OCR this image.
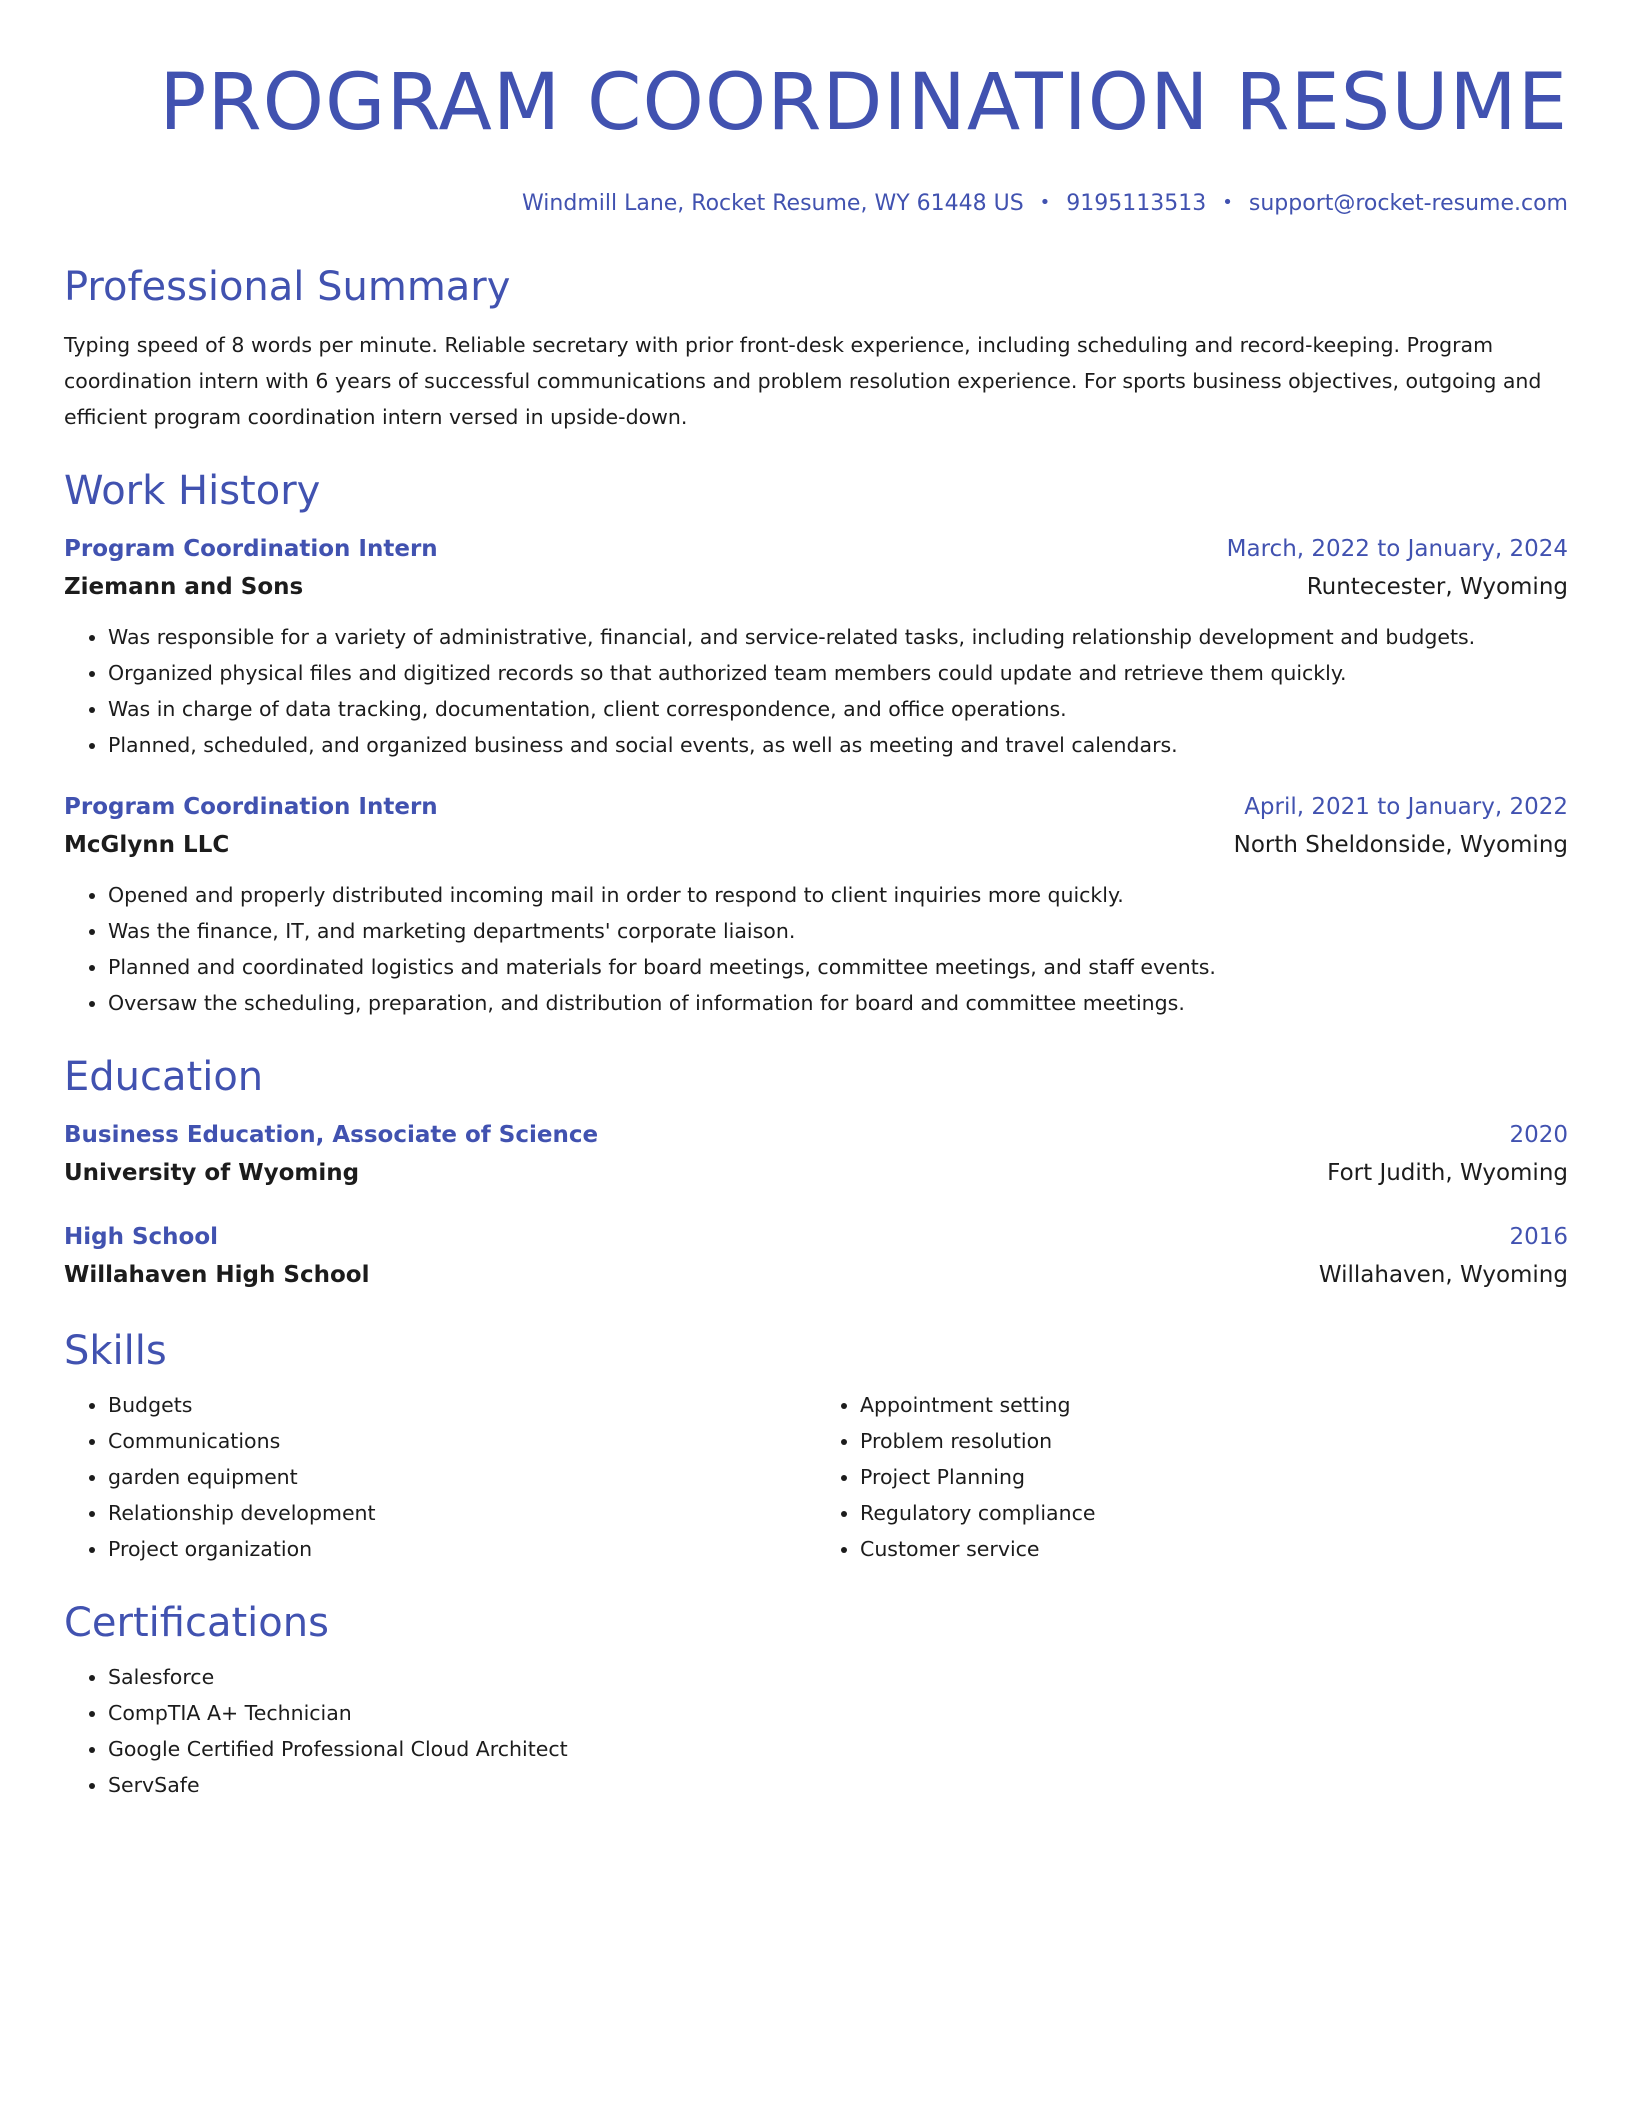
PROGRAM COORDINATION RESUME
Windmill Lane, Rocket Resume, WY 61448 US • 9195113513 • support@rocket-resume.com
Professional Summary

Typing speed of 8 words per minute. Reliable secretary with prior front-desk experience, including scheduling and record-keeping. Program coordination intern with 6 years of successful communications and problem resolution experience. For sports business objectives, outgoing and efficient program coordination intern versed in upside-down.

Work History
Program Coordination Intern	March, 2022 to January, 2024
Ziemann and Sons	Runtecester, Wyoming
• Was responsible for a variety of administrative, financial, and service-related tasks, including relationship development and budgets.
• Organized physical files and digitized records so that authorized team members could update and retrieve them quickly.
• Was in charge of data tracking, documentation, client correspondence, and office operations.
• Planned, scheduled, and organized business and social events, as well as meeting and travel calendars.
Program Coordination Intern	April, 2021 to January, 2022
McGlynn LLC	North Sheldonside, Wyoming
• Opened and properly distributed incoming mail in order to respond to client inquiries more quickly.
• Was the finance, IT, and marketing departments' corporate liaison.
• Planned and coordinated logistics and materials for board meetings, committee meetings, and staff events.
• Oversaw the scheduling, preparation, and distribution of information for board and committee meetings.
Education
Business Education, Associate of Science	2020
University of Wyoming	Fort Judith, Wyoming
High School	2016
Willahaven High School	Willahaven, Wyoming
Skills
• Budgets
• Communications
• garden equipment
• Relationship development
• Project organization
• Appointment setting
• Problem resolution
• Project Planning
• Regulatory compliance
• Customer service
Certifications
• Salesforce
• CompTIA A+ Technician
• Google Certified Professional Cloud Architect
• ServSafe
